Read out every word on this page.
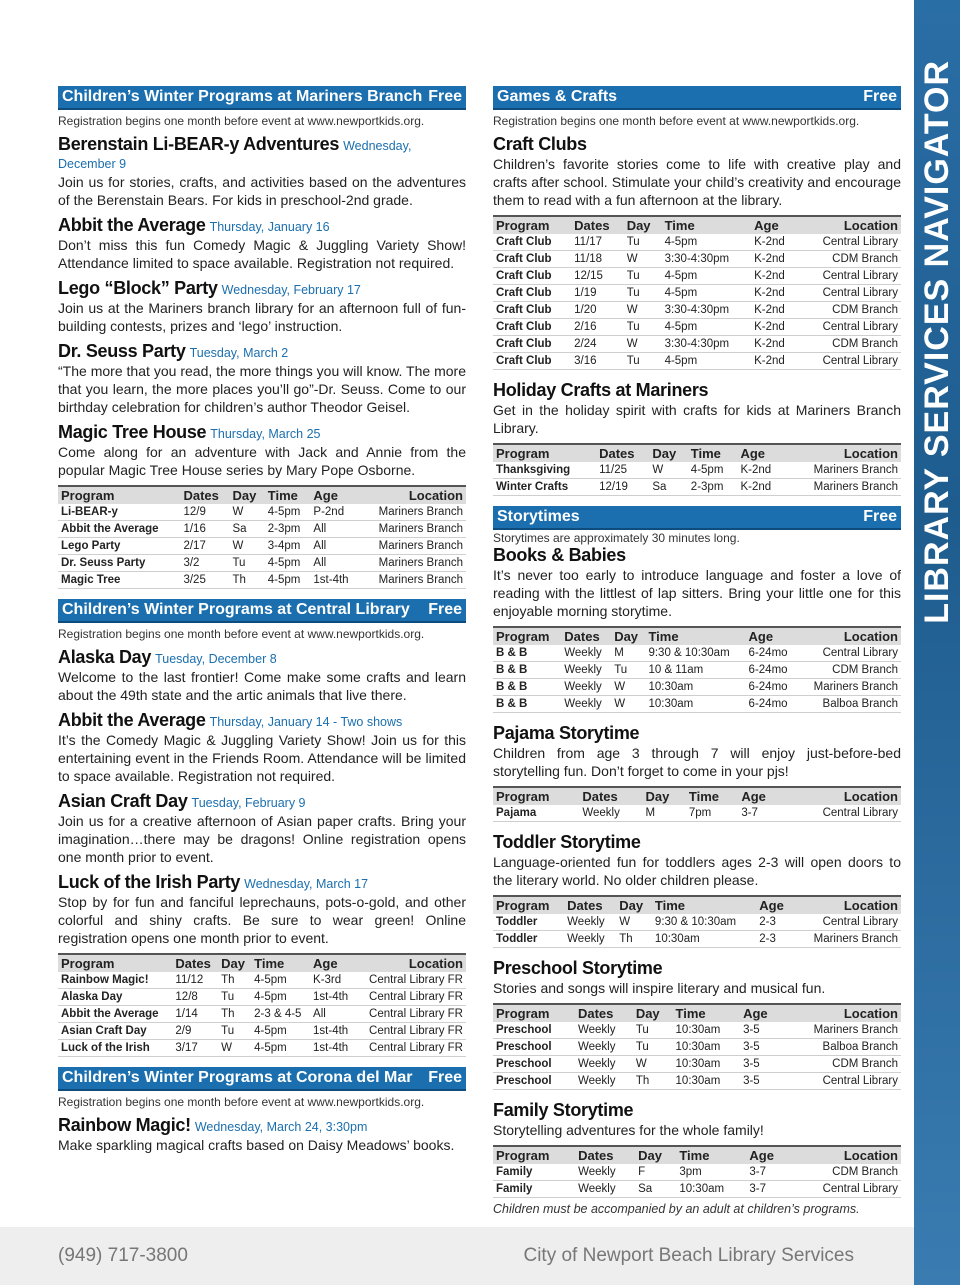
LIBRARY SERVICES NAVIGATOR
Children’s Winter Programs at Mariners Branch Free
Registration begins one month before event at www.newportkids.org.
Berenstain Li-BEAR-y Adventures Wednesday, December 9
Join us for stories, crafts, and activities based on the adventures of the Berenstain Bears. For kids in preschool-2nd grade.
Abbit the Average Thursday, January 16
Don’t miss this fun Comedy Magic & Juggling Variety Show! Attendance limited to space available. Registration not required.
Lego “Block” Party Wednesday, February 17
Join us at the Mariners branch library for an afternoon full of fun-building contests, prizes and ‘lego’ instruction.
Dr. Seuss Party Tuesday, March 2
“The more that you read, the more things you will know. The more that you learn, the more places you’ll go”-Dr. Seuss. Come to our birthday celebration for children’s author Theodor Geisel.
Magic Tree House Thursday, March 25
Come along for an adventure with Jack and Annie from the popular Magic Tree House series by Mary Pope Osborne.
Program	Dates	Day	Time	Age	Location
Li-BEAR-y	12/9	W	4-5pm	P-2nd	Mariners Branch
Abbit the Average	1/16	Sa	2-3pm	All	Mariners Branch
Lego Party	2/17	W	3-4pm	All	Mariners Branch
Dr. Seuss Party	3/2	Tu	4-5pm	All	Mariners Branch
Magic Tree	3/25	Th	4-5pm	1st-4th	Mariners Branch
Children’s Winter Programs at Central Library Free
Registration begins one month before event at www.newportkids.org.
Alaska Day Tuesday, December 8
Welcome to the last frontier! Come make some crafts and learn about the 49th state and the artic animals that live there.
Abbit the Average Thursday, January 14 - Two shows
It’s the Comedy Magic & Juggling Variety Show! Join us for this entertaining event in the Friends Room. Attendance will be limited to space available. Registration not required.
Asian Craft Day Tuesday, February 9
Join us for a creative afternoon of Asian paper crafts. Bring your imagination…there may be dragons! Online registration opens one month prior to event.
Luck of the Irish Party Wednesday, March 17
Stop by for fun and fanciful leprechauns, pots-o-gold, and other colorful and shiny crafts. Be sure to wear green! Online registration opens one month prior to event.
Program	Dates	Day	Time	Age	Location
Rainbow Magic!	11/12	Th	4-5pm	K-3rd	Central Library FR
Alaska Day	12/8	Tu	4-5pm	1st-4th	Central Library FR
Abbit the Average	1/14	Th	2-3 & 4-5	All	Central Library FR
Asian Craft Day	2/9	Tu	4-5pm	1st-4th	Central Library FR
Luck of the Irish	3/17	W	4-5pm	1st-4th	Central Library FR
Children’s Winter Programs at Corona del Mar Free
Registration begins one month before event at www.newportkids.org.
Rainbow Magic! Wednesday, March 24, 3:30pm
Make sparkling magical crafts based on Daisy Meadows’ books.
Games & Crafts	Free
Registration begins one month before event at www.newportkids.org.
Craft Clubs
Children’s favorite stories come to life with creative play and crafts after school. Stimulate your child’s creativity and encourage them to read with a fun afternoon at the library.
Program	Dates	Day	Time	Age	Location
Craft Club	11/17	Tu	4-5pm	K-2nd	Central Library
Craft Club	11/18	W	3:30-4:30pm	K-2nd	CDM Branch
Craft Club	12/15	Tu	4-5pm	K-2nd	Central Library
Craft Club	1/19	Tu	4-5pm	K-2nd	Central Library
Craft Club	1/20	W	3:30-4:30pm	K-2nd	CDM Branch
Craft Club	2/16	Tu	4-5pm	K-2nd	Central Library
Craft Club	2/24	W	3:30-4:30pm	K-2nd	CDM Branch
Craft Club	3/16	Tu	4-5pm	K-2nd	Central Library
Holiday Crafts at Mariners
Get in the holiday spirit with crafts for kids at Mariners Branch Library.
Program	Dates	Day	Time	Age	Location
Thanksgiving	11/25	W	4-5pm	K-2nd	Mariners Branch
Winter Crafts	12/19	Sa	2-3pm	K-2nd	Mariners Branch
Storytimes	Free
Storytimes are approximately 30 minutes long.
Books & Babies
It’s never too early to introduce language and foster a love of reading with the littlest of lap sitters. Bring your little one for this enjoyable morning storytime.
Program	Dates	Day	Time	Age	Location
B & B	Weekly	M	9:30 & 10:30am	6-24mo	Central Library
B & B	Weekly	Tu	10 & 11am	6-24mo	CDM Branch
B & B	Weekly	W	10:30am	6-24mo	Mariners Branch
B & B	Weekly	W	10:30am	6-24mo	Balboa Branch
Pajama Storytime
Children from age 3 through 7 will enjoy just-before-bed storytelling fun. Don’t forget to come in your pjs!
Program	Dates	Day	Time	Age	Location
Pajama	Weekly	M	7pm	3-7	Central Library
Toddler Storytime
Language-oriented fun for toddlers ages 2-3 will open doors to the literary world. No older children please.
Program	Dates	Day	Time	Age	Location
Toddler	Weekly	W	9:30 & 10:30am	2-3	Central Library
Toddler	Weekly	Th	10:30am	2-3	Mariners Branch
Preschool Storytime
Stories and songs will inspire literary and musical fun.
Program	Dates	Day	Time	Age	Location
Preschool	Weekly	Tu	10:30am	3-5	Mariners Branch
Preschool	Weekly	Tu	10:30am	3-5	Balboa Branch
Preschool	Weekly	W	10:30am	3-5	CDM Branch
Preschool	Weekly	Th	10:30am	3-5	Central Library
Family Storytime
Storytelling adventures for the whole family!
Program	Dates	Day	Time	Age	Location
Family	Weekly	F	3pm	3-7	CDM Branch
Family	Weekly	Sa	10:30am	3-7	Central Library
Children must be accompanied by an adult at children’s programs.
(949) 717-3800	City of Newport Beach Library Services
